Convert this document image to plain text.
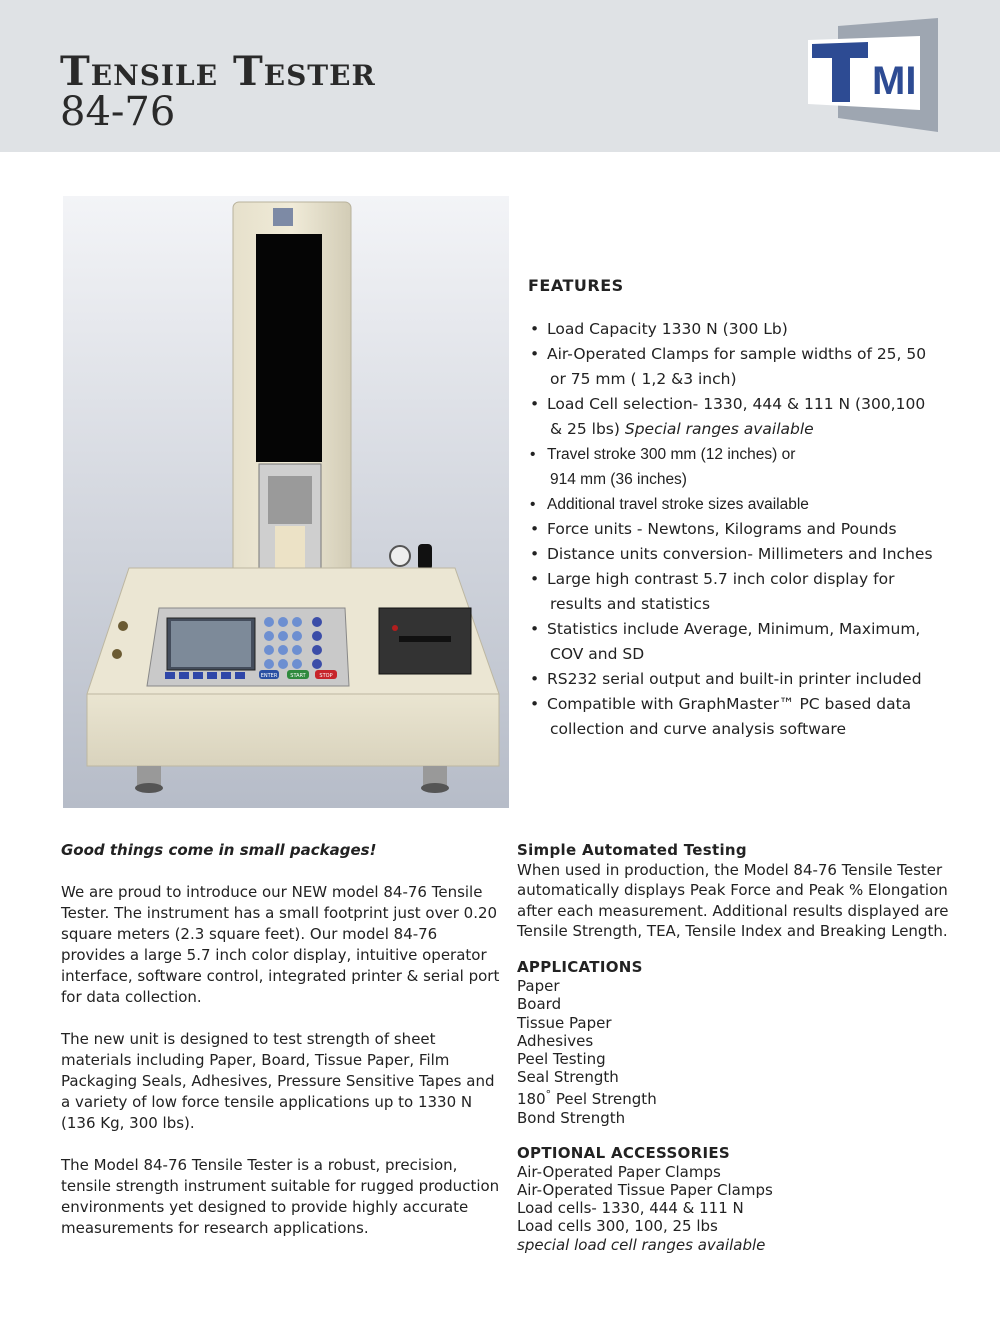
Tensile Tester
84-76
MI
ENTER	START	STOP
FEATURES
• Load Capacity 1330 N (300 Lb)
• Air-Operated Clamps for sample widths of 25, 50
or 75 mm ( 1,2 &3 inch)
• Load Cell selection- 1330, 444 & 111 N (300,100
& 25 lbs) Special ranges available
• Travel stroke 300 mm (12 inches) or
914 mm (36 inches)
• Additional travel stroke sizes available
• Force units - Newtons, Kilograms and Pounds
• Distance units conversion- Millimeters and Inches
• Large high contrast 5.7 inch color display for
results and statistics
• Statistics include Average, Minimum, Maximum,
COV and SD
• RS232 serial output and built-in printer included
• Compatible with GraphMaster™ PC based data
collection and curve analysis software

Good things come in small packages!

We are proud to introduce our NEW model 84-76 Tensile Tester. The instrument has a small footprint just over 0.20 square meters (2.3 square feet). Our model 84-76 provides a large 5.7 inch color display, intuitive operator interface, software control, integrated printer & serial port for data collection.

The new unit is designed to test strength of sheet materials including Paper, Board, Tissue Paper, Film Packaging Seals, Adhesives, Pressure Sensitive Tapes and a variety of low force tensile applications up to 1330 N (136 Kg, 300 lbs).

The Model 84-76 Tensile Tester is a robust, precision, tensile strength instrument suitable for rugged production environments yet designed to provide highly accurate measurements for research applications.

Simple Automated Testing

When used in production, the Model 84-76 Tensile Tester automatically displays Peak Force and Peak % Elongation after each measurement. Additional results displayed are Tensile Strength, TEA, Tensile Index and Breaking Length.

APPLICATIONS
Paper
Board
Tissue Paper
Adhesives
Peel Testing
Seal Strength
180° Peel Strength
Bond Strength
OPTIONAL ACCESSORIES
Air-Operated Paper Clamps
Air-Operated Tissue Paper Clamps
Load cells- 1330, 444 & 111 N
Load cells 300, 100, 25 lbs
special load cell ranges available
